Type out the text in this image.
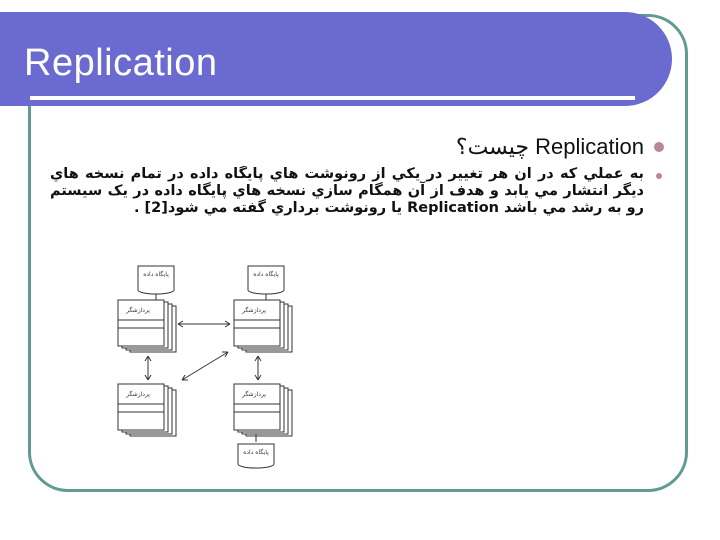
Replication
Replication چيست؟
به عملي كه در آن هر تغيير در يكي از رونوشت هاي پايگاه داده در تمام نسخه هاي ديگر انتشار مي يابد و هدف از آن همگام سازي نسخه هاي پايگاه داده در يک سيستم رو به رشد مي باشد Replication يا رونوشت برداري گفته مي شود[2] .
پایگاه داده
پردازشگر
پایگاه داده
پردازشگر
پردازشگر	پردازشگر
پایگاه داده
